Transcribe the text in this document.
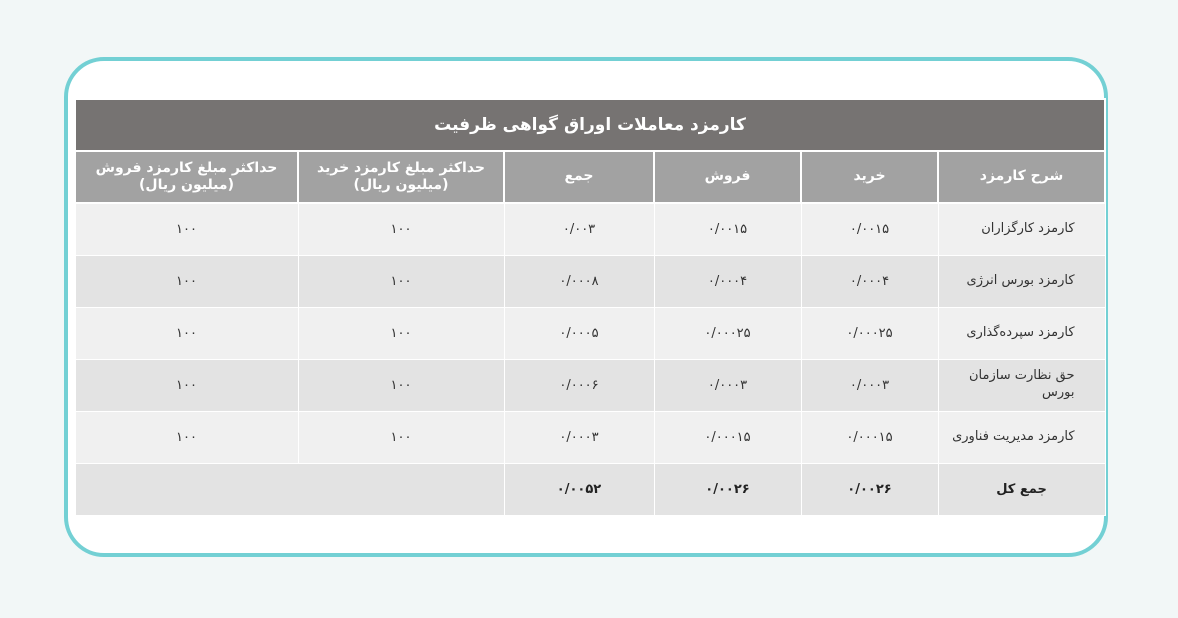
کارمزد معاملات اوراق گواهی ظرفیت					
شرح کارمزد	خرید	فروش	جمع	حداکثر مبلغ کارمزد خرید (میلیون ریال)	حداکثر مبلغ کارمزد فروش (میلیون ریال)
کارمزد کارگزاران	۰/۰۰۱۵	۰/۰۰۱۵	۰/۰۰۳	۱۰۰	۱۰۰
کارمزد بورس انرژی	۰/۰۰۰۴	۰/۰۰۰۴	۰/۰۰۰۸	۱۰۰	۱۰۰
کارمزد سپرده‌گذاری	۰/۰۰۰۲۵	۰/۰۰۰۲۵	۰/۰۰۰۵	۱۰۰	۱۰۰
حق نظارت سازمان بورس	۰/۰۰۰۳	۰/۰۰۰۳	۰/۰۰۰۶	۱۰۰	۱۰۰
کارمزد مدیریت فناوری	۰/۰۰۰۱۵	۰/۰۰۰۱۵	۰/۰۰۰۳	۱۰۰	۱۰۰
جمع کل	۰/۰۰۲۶	۰/۰۰۲۶	۰/۰۰۵۲		
